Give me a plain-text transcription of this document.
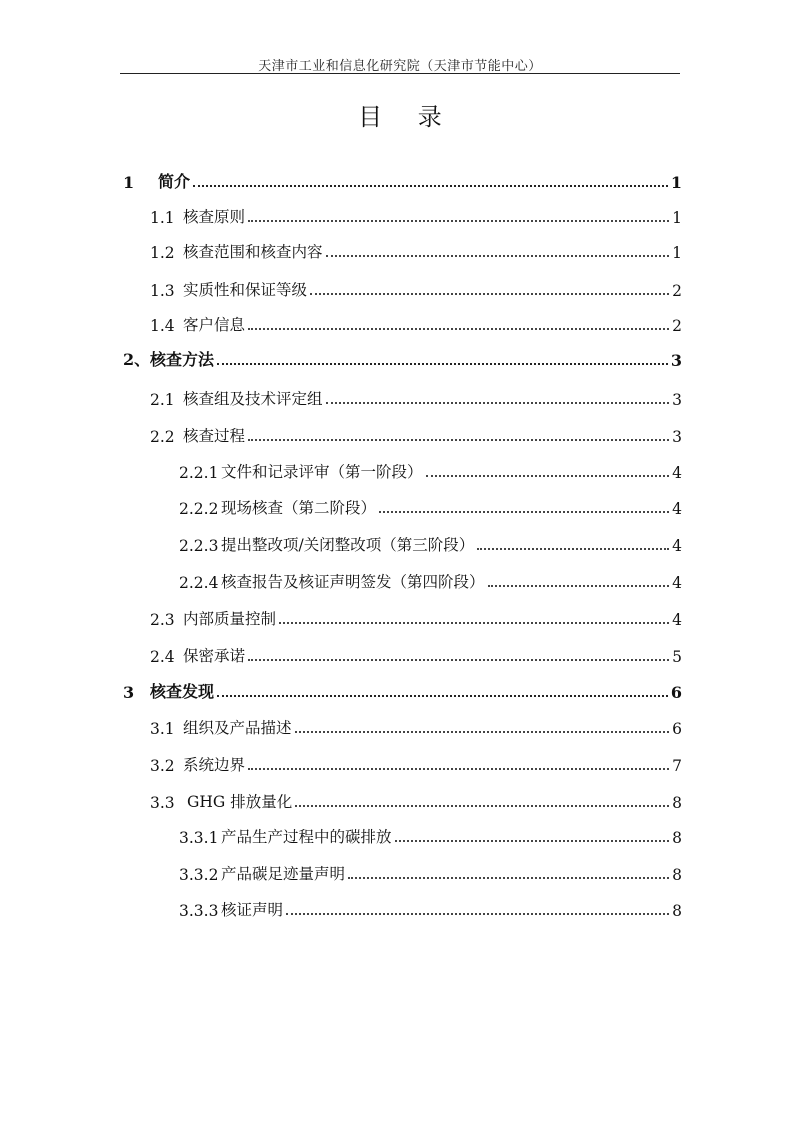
天津市工业和信息化研究院（天津市节能中心）
目 录
1	简介	1
1.1 核查原则	1
1.2 核查范围和核查内容	1
1.3 实质性和保证等级	2
1.4 客户信息	2
2、 核查方法	3
2.1 核查组及技术评定组	3
2.2 核查过程	3
2.2.1 文件和记录评审（第一阶段）	4
2.2.2 现场核查（第二阶段）	4
2.2.3 提出整改项/关闭整改项（第三阶段）	4
2.2.4 核查报告及核证声明签发（第四阶段）	4
2.3 内部质量控制	4
2.4 保密承诺	5
3 核查发现	6
3.1 组织及产品描述	6
3.2 系统边界	7
3.3 GHG 排放量化	8
3.3.1 产品生产过程中的碳排放	8
3.3.2 产品碳足迹量声明	8
3.3.3 核证声明	8
